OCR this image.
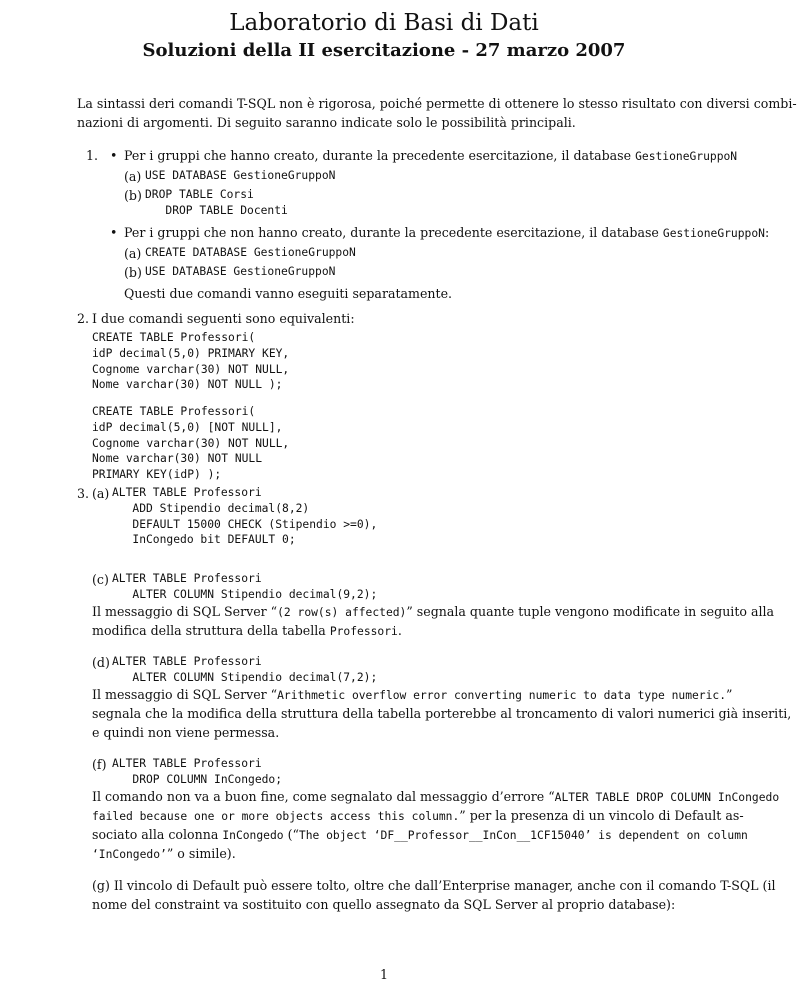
Laboratorio di Basi di Dati
Soluzioni della II esercitazione - 27 marzo 2007
La sintassi deri comandi T-SQL non è rigorosa, poiché permette di ottenere lo stesso risultato con diversi combi-
nazioni di argomenti. Di seguito saranno indicate solo le possibilità principali.
1. • Per i gruppi che hanno creato, durante la precedente esercitazione, il database GestioneGruppoN
(a) USE DATABASE GestioneGruppoN
(b) DROP TABLE Corsi
DROP TABLE Docenti
• Per i gruppi che non hanno creato, durante la precedente esercitazione, il database GestioneGruppoN:
(a) CREATE DATABASE GestioneGruppoN
(b) USE DATABASE GestioneGruppoN
Questi due comandi vanno eseguiti separatamente.
2. I due comandi seguenti sono equivalenti:
CREATE TABLE Professori(
idP decimal(5,0) PRIMARY KEY,
Cognome varchar(30) NOT NULL,
Nome varchar(30) NOT NULL );
CREATE TABLE Professori(
idP decimal(5,0) [NOT NULL],
Cognome varchar(30) NOT NULL,
Nome varchar(30) NOT NULL
PRIMARY KEY(idP) );
3. (a) ALTER TABLE Professori
ADD Stipendio decimal(8,2)
DEFAULT 15000 CHECK (Stipendio >=0),
InCongedo bit DEFAULT 0;
(c) ALTER TABLE Professori
ALTER COLUMN Stipendio decimal(9,2);
Il messaggio di SQL Server “(2 row(s) affected)” segnala quante tuple vengono modificate in seguito alla
modifica della struttura della tabella Professori.
(d) ALTER TABLE Professori
ALTER COLUMN Stipendio decimal(7,2);
Il messaggio di SQL Server “Arithmetic overflow error converting numeric to data type numeric.”
segnala che la modifica della struttura della tabella porterebbe al troncamento di valori numerici già inseriti,
e quindi non viene permessa.
(f) ALTER TABLE Professori
DROP COLUMN InCongedo;
Il comando non va a buon fine, come segnalato dal messaggio d’errore “ALTER TABLE DROP COLUMN InCongedo
failed because one or more objects access this column.” per la presenza di un vincolo di Default as-
sociato alla colonna InCongedo (“The object ‘DF__Professor__InCon__1CF15040’ is dependent on column
‘InCongedo’” o simile).
(g) Il vincolo di Default può essere tolto, oltre che dall’Enterprise manager, anche con il comando T-SQL (il
nome del constraint va sostituito con quello assegnato da SQL Server al proprio database):
1
